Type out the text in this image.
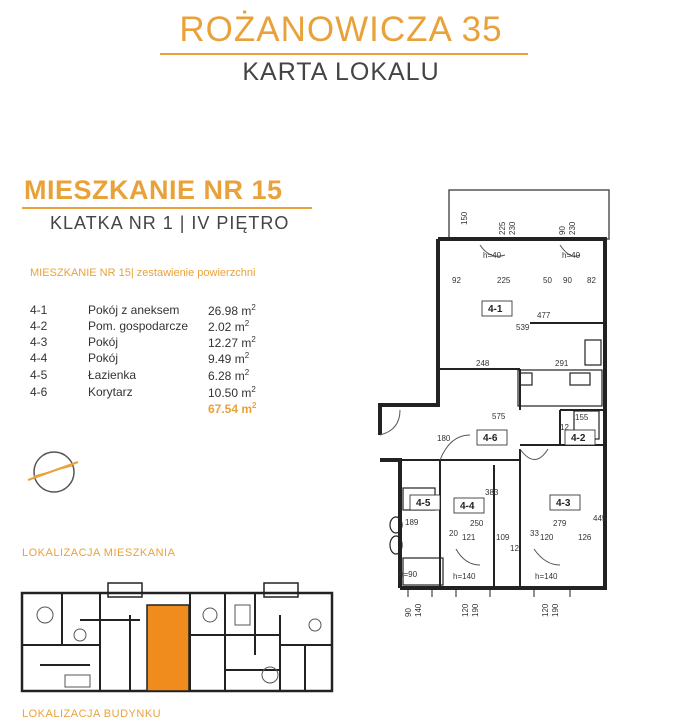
ROŻANOWICZA 35
KARTA LOKALU
MIESZKANIE NR 15
KLATKA NR 1 | IV PIĘTRO
MIESZKANIE NR 15| zestawienie powierzchni
4-1	Pokój z aneksem 26.98 $m^2$
4-2	Pom. gospodarcze 2.02 $m^2$
4-3	Pokój	12.27 $m^2$
4-4	Pokój	9.49 $m^2$
4-5	Łazienka	6.28 $m^2$
4-6	Korytarz	10.50 $m^2$
67.54 $m^2$
LOKALIZACJA MIESZKANIA
LOKALIZACJA BUDYNKU
4-1
4-2
4-3
4-4
4-5
4-6
150
225 230	90 230
h=40	h=40
92	225	50 90 82
477
539
248	291
575	155
12
180
383
445
189	250	279
20 121	109	33 120	126
12
h=90	h=140	h=140
90 140	120 190	120 190
